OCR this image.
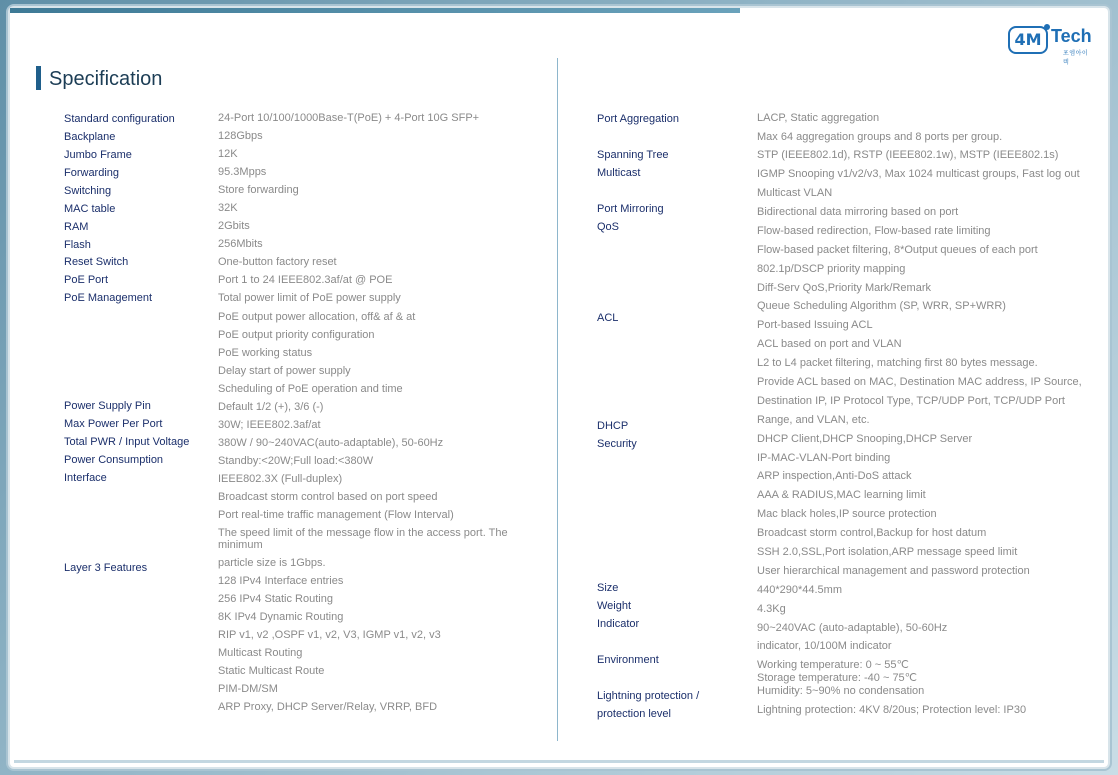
4M Tech
포엠아이텍
Specification
Standard configuration
Backplane
Jumbo Frame
Forwarding
Switching
MAC table
RAM
Flash
Reset Switch
PoE Port
PoE Management
Power Supply Pin
Max Power Per Port
Total PWR / Input Voltage
Power Consumption
Interface
Layer 3 Features
24-Port 10/100/1000Base-T(PoE) + 4-Port 10G SFP+
128Gbps
12K
95.3Mpps
Store forwarding
32K
2Gbits
256Mbits
One-button factory reset
Port 1 to 24 IEEE802.3af/at @ POE
Total power limit of PoE power supply
PoE output power allocation, off& af & at
PoE output priority configuration
PoE working status
Delay start of power supply
Scheduling of PoE operation and time
Default 1/2 (+), 3/6 (-)
30W; IEEE802.3af/at
380W / 90~240VAC(auto-adaptable), 50-60Hz
Standby:<20W;Full load:<380W
IEEE802.3X (Full-duplex)
Broadcast storm control based on port speed
Port real-time traffic management (Flow Interval)
The speed limit of the message flow in the access port. The
minimum
particle size is 1Gbps.
128 IPv4 Interface entries
256 IPv4 Static Routing
8K IPv4 Dynamic Routing
RIP v1, v2 ,OSPF v1, v2, V3, IGMP v1, v2, v3
Multicast Routing
Static Multicast Route
PIM-DM/SM
ARP Proxy, DHCP Server/Relay, VRRP, BFD
Port Aggregation
Spanning Tree
Multicast
Port Mirroring
QoS
ACL
DHCP
Security
Size
Weight
Indicator
Environment
Lightning protection /
protection level
LACP, Static aggregation
Max 64 aggregation groups and 8 ports per group.
STP (IEEE802.1d), RSTP (IEEE802.1w), MSTP (IEEE802.1s)
IGMP Snooping v1/v2/v3, Max 1024 multicast groups, Fast log out
Multicast VLAN
Bidirectional data mirroring based on port
Flow-based redirection, Flow-based rate limiting
Flow-based packet filtering, 8*Output queues of each port
802.1p/DSCP priority mapping
Diff-Serv QoS,Priority Mark/Remark
Queue Scheduling Algorithm (SP, WRR, SP+WRR)
Port-based Issuing ACL
ACL based on port and VLAN
L2 to L4 packet filtering, matching first 80 bytes message.
Provide ACL based on MAC, Destination MAC address, IP Source,
Destination IP, IP Protocol Type, TCP/UDP Port, TCP/UDP Port
Range, and VLAN, etc.
DHCP Client,DHCP Snooping,DHCP Server
IP-MAC-VLAN-Port binding
ARP inspection,Anti-DoS attack
AAA & RADIUS,MAC learning limit
Mac black holes,IP source protection
Broadcast storm control,Backup for host datum
SSH 2.0,SSL,Port isolation,ARP message speed limit
User hierarchical management and password protection
440*290*44.5mm
4.3Kg
90~240VAC (auto-adaptable), 50-60Hz
indicator, 10/100M indicator
Working temperature: 0 ~ 55℃
Storage temperature: -40 ~ 75℃
Humidity: 5~90% no condensation
Lightning protection: 4KV 8/20us; Protection level: IP30
